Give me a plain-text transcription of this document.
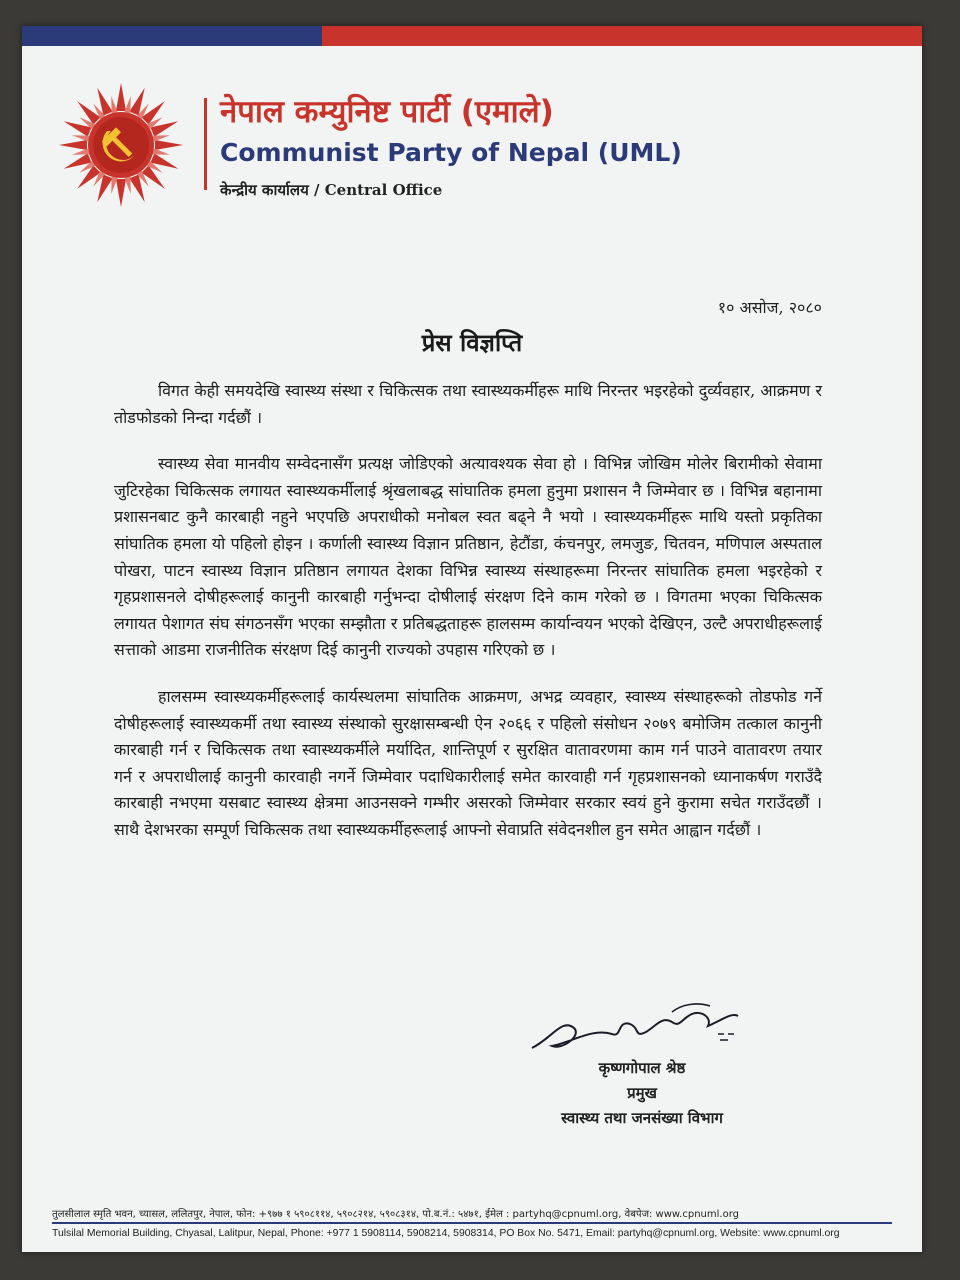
नेपाल कम्युनिष्ट पार्टी (एमाले)
Communist Party of Nepal (UML)
केन्द्रीय कार्यालय / Central Office
१० असोज, २०८०
प्रेस विज्ञप्ति

विगत केही समयदेखि स्वास्थ्य संस्था र चिकित्सक तथा स्वास्थ्यकर्मीहरू माथि निरन्तर भइरहेको दुर्व्यवहार, आक्रमण र तोडफोडको निन्दा गर्दछौं ।

स्वास्थ्य सेवा मानवीय सम्वेदनासँग प्रत्यक्ष जोडिएको अत्यावश्यक सेवा हो । विभिन्न जोखिम मोलेर बिरामीको सेवामा जुटिरहेका चिकित्सक लगायत स्वास्थ्यकर्मीलाई श्रृंखलाबद्ध सांघातिक हमला हुनुमा प्रशासन नै जिम्मेवार छ । विभिन्न बहानामा प्रशासनबाट कुनै कारबाही नहुने भएपछि अपराधीको मनोबल स्वत बढ्ने नै भयो । स्वास्थ्यकर्मीहरू माथि यस्तो प्रकृतिका सांघातिक हमला यो पहिलो होइन । कर्णाली स्वास्थ्य विज्ञान प्रतिष्ठान, हेटौंडा, कंचनपुर, लमजुङ, चितवन, मणिपाल अस्पताल पोखरा, पाटन स्वास्थ्य विज्ञान प्रतिष्ठान लगायत देशका विभिन्न स्वास्थ्य संस्थाहरूमा निरन्तर सांघातिक हमला भइरहेको र गृहप्रशासनले दोषीहरूलाई कानुनी कारबाही गर्नुभन्दा दोषीलाई संरक्षण दिने काम गरेको छ । विगतमा भएका चिकित्सक लगायत पेशागत संघ संगठनसँग भएका सम्झौता र प्रतिबद्धताहरू हालसम्म कार्यान्वयन भएको देखिएन, उल्टै अपराधीहरूलाई सत्ताको आडमा राजनीतिक संरक्षण दिई कानुनी राज्यको उपहास गरिएको छ ।

हालसम्म स्वास्थ्यकर्मीहरूलाई कार्यस्थलमा सांघातिक आक्रमण, अभद्र व्यवहार, स्वास्थ्य संस्थाहरूको तोडफोड गर्ने दोषीहरूलाई स्वास्थ्यकर्मी तथा स्वास्थ्य संस्थाको सुरक्षासम्बन्धी ऐन २०६६ र पहिलो संसोधन २०७९ बमोजिम तत्काल कानुनी कारबाही गर्न र चिकित्सक तथा स्वास्थ्यकर्मीले मर्यादित, शान्तिपूर्ण र सुरक्षित वातावरणमा काम गर्न पाउने वातावरण तयार गर्न र अपराधीलाई कानुनी कारवाही नगर्ने जिम्मेवार पदाधिकारीलाई समेत कारवाही गर्न गृहप्रशासनको ध्यानाकर्षण गराउँदै कारबाही नभएमा यसबाट स्वास्थ्य क्षेत्रमा आउनसक्ने गम्भीर असरको जिम्मेवार सरकार स्वयं हुने कुरामा सचेत गराउँदछौं । साथै देशभरका सम्पूर्ण चिकित्सक तथा स्वास्थ्यकर्मीहरूलाई आफ्नो सेवाप्रति संवेदनशील हुन समेत आह्वान गर्दछौं ।

कृष्णगोपाल श्रेष्ठ
प्रमुख
स्वास्थ्य तथा जनसंख्या विभाग
तुलसीलाल स्मृति भवन, च्यासल, ललितपुर, नेपाल, फोन: +९७७ १ ५९०८११४, ५९०८२१४, ५९०८३१४, पो.ब.नं.: ५४७१, ईमेल : partyhq@cpnuml.org, वेबपेज: www.cpnuml.org
Tulsilal Memorial Building, Chyasal, Lalitpur, Nepal, Phone: +977 1 5908114, 5908214, 5908314, PO Box No. 5471, Email: partyhq@cpnuml.org, Website: www.cpnuml.org
